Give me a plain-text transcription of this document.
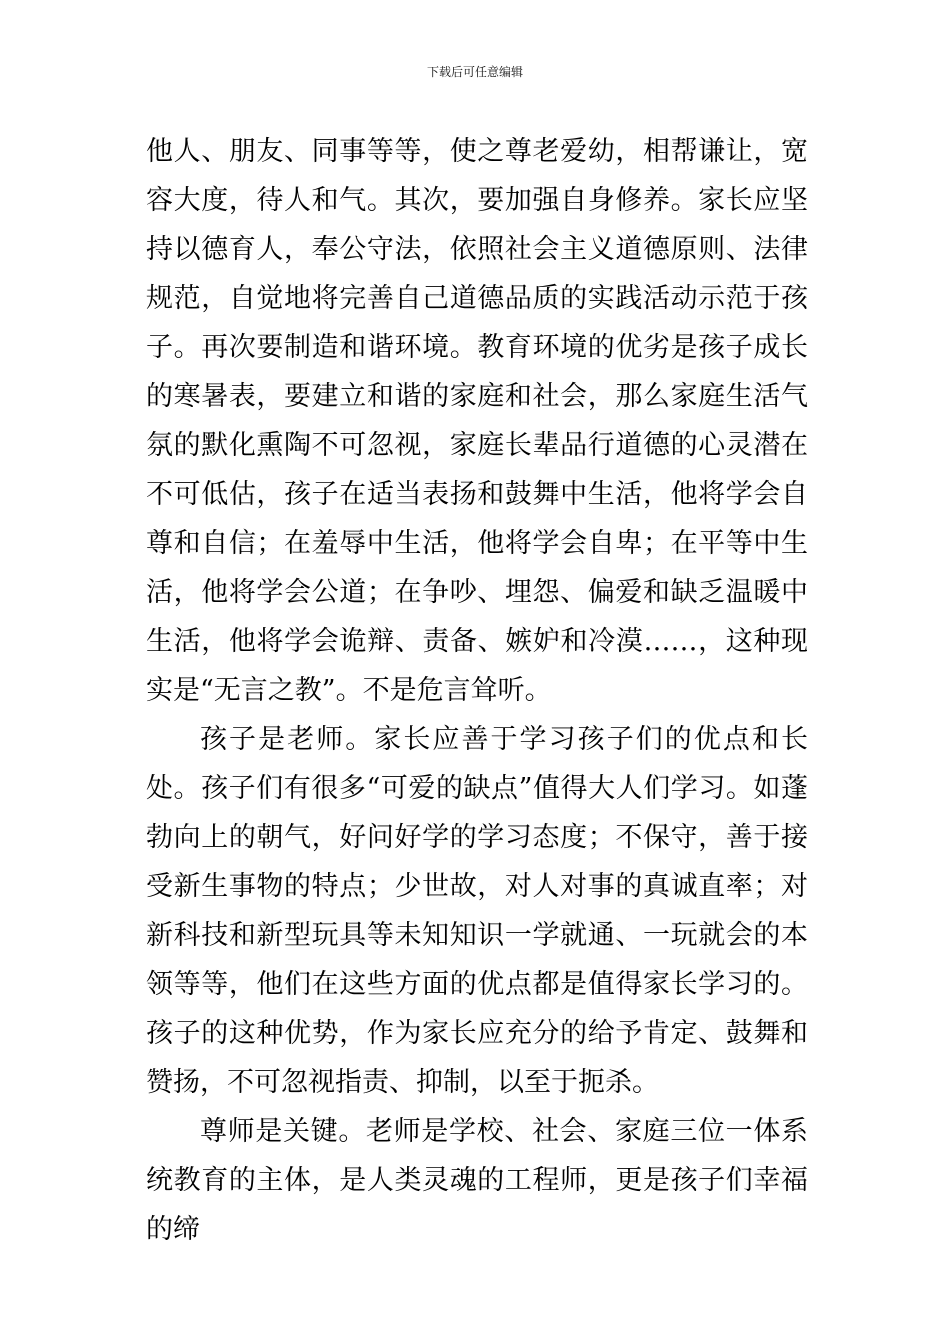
下载后可任意编辑

他人、朋友、同事等等，使之尊老爱幼，相帮谦让，宽容大度，待人和气。其次，要加强自身修养。家长应坚持以德育人，奉公守法，依照社会主义道德原则、法律规范，自觉地将完善自己道德品质的实践活动示范于孩子。再次要制造和谐环境。教育环境的优劣是孩子成长的寒暑表，要建立和谐的家庭和社会，那么家庭生活气氛的默化熏陶不可忽视，家庭长辈品行道德的心灵潜在不可低估，孩子在适当表扬和鼓舞中生活，他将学会自尊和自信；在羞辱中生活，他将学会自卑；在平等中生活，他将学会公道；在争吵、埋怨、偏爱和缺乏温暖中生活，他将学会诡辩、责备、嫉妒和冷漠……，这种现实是“无言之教”。不是危言耸听。

孩子是老师。家长应善于学习孩子们的优点和长处。孩子们有很多“可爱的缺点”值得大人们学习。如蓬勃向上的朝气，好问好学的学习态度；不保守，善于接受新生事物的特点；少世故，对人对事的真诚直率；对新科技和新型玩具等未知知识一学就通、一玩就会的本领等等，他们在这些方面的优点都是值得家长学习的。孩子的这种优势，作为家长应充分的给予肯定、鼓舞和赞扬，不可忽视指责、抑制，以至于扼杀。

尊师是关键。老师是学校、社会、家庭三位一体系统教育的主体，是人类灵魂的工程师，更是孩子们幸福的缔
